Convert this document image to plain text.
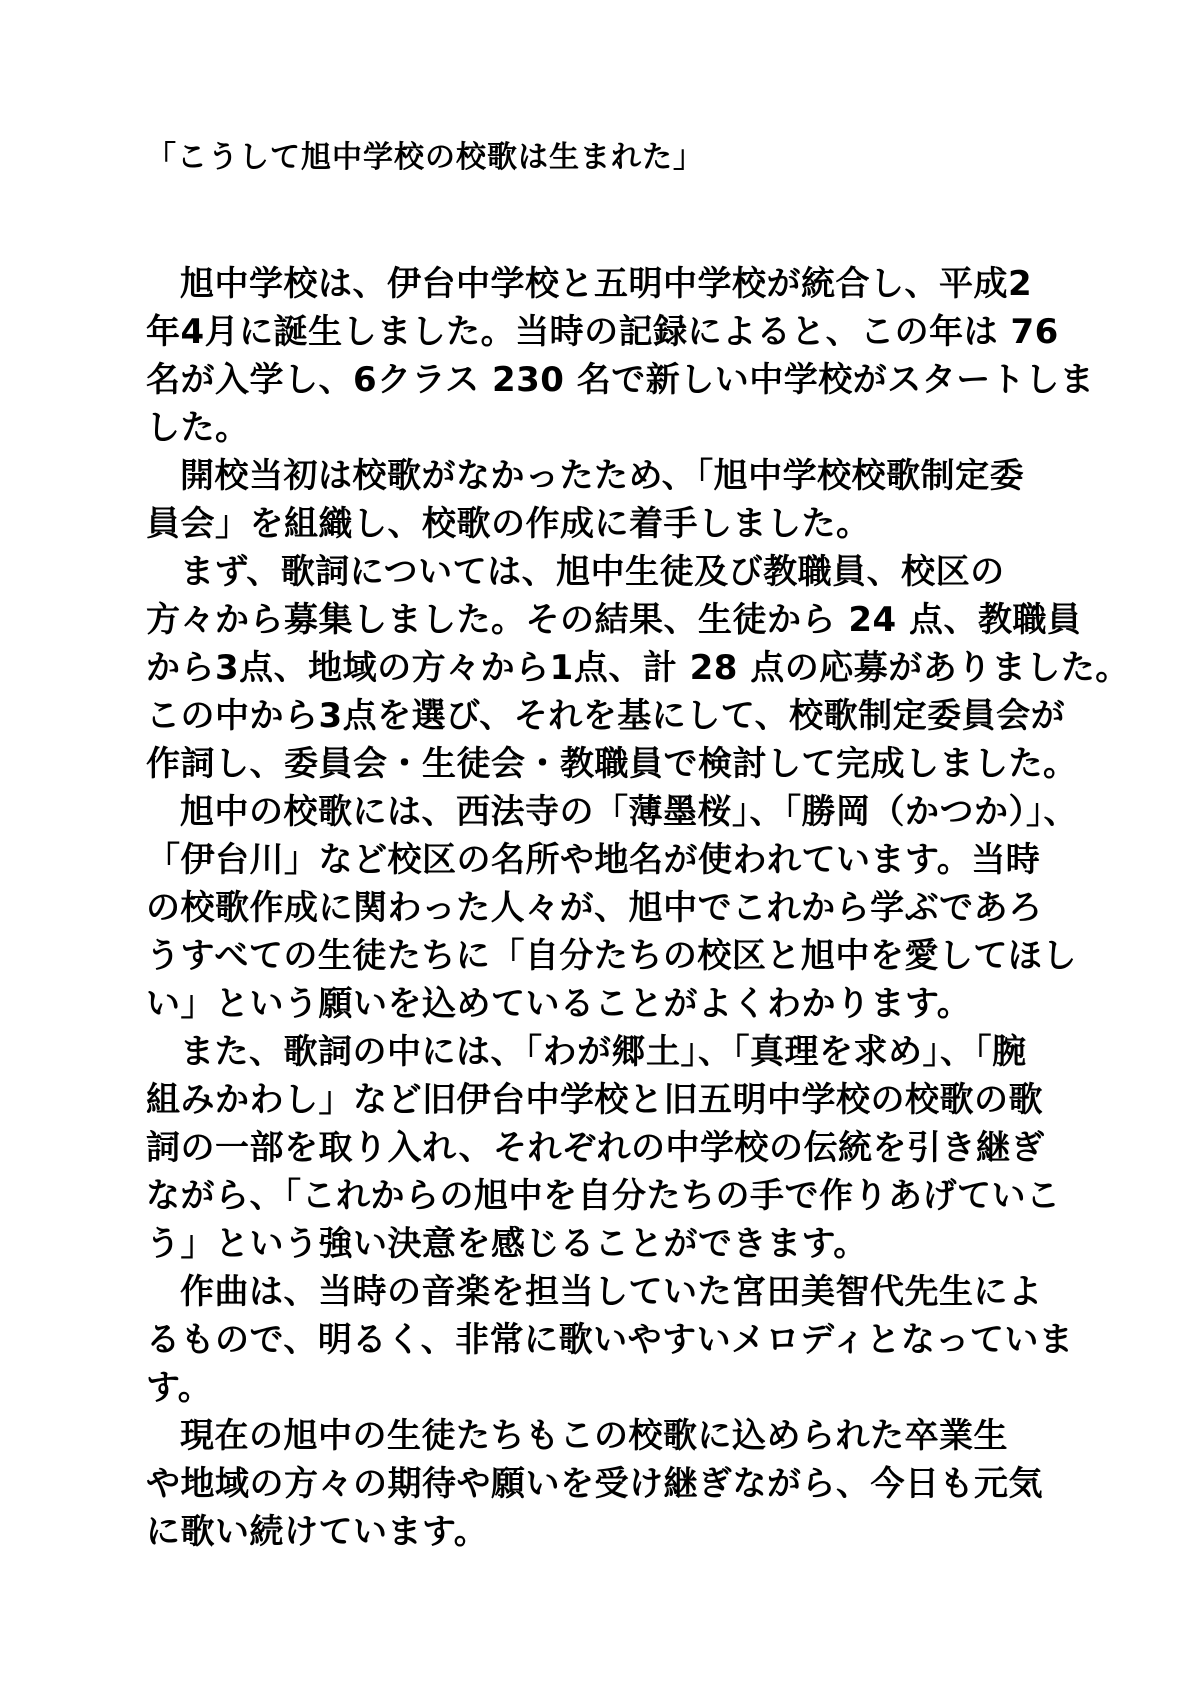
「こうして旭中学校の校歌は生まれた」
旭中学校は、伊台中学校と五明中学校が統合し、平成2
年4月に誕生しました。当時の記録によると、この年は 76
名が入学し、6クラス 230 名で新しい中学校がスタートしま
した。
開校当初は校歌がなかったため、「旭中学校校歌制定委
員会」を組織し、校歌の作成に着手しました。
まず、歌詞については、旭中生徒及び教職員、校区の
方々から募集しました。その結果、生徒から 24 点、教職員
から3点、地域の方々から1点、計 28 点の応募がありました。
この中から3点を選び、それを基にして、校歌制定委員会が
作詞し、委員会・生徒会・教職員で検討して完成しました。
旭中の校歌には、西法寺の「薄墨桜」、「勝岡（かつか）」、
「伊台川」など校区の名所や地名が使われています。当時
の校歌作成に関わった人々が、旭中でこれから学ぶであろ
うすべての生徒たちに「自分たちの校区と旭中を愛してほし
い」という願いを込めていることがよくわかります。
また、歌詞の中には、「わが郷土」、「真理を求め」、「腕
組みかわし」など旧伊台中学校と旧五明中学校の校歌の歌
詞の一部を取り入れ、それぞれの中学校の伝統を引き継ぎ
ながら、「これからの旭中を自分たちの手で作りあげていこ
う」という強い決意を感じることができます。
作曲は、当時の音楽を担当していた宮田美智代先生によ
るもので、明るく、非常に歌いやすいメロディとなっていま
す。
現在の旭中の生徒たちもこの校歌に込められた卒業生
や地域の方々の期待や願いを受け継ぎながら、今日も元気
に歌い続けています。
